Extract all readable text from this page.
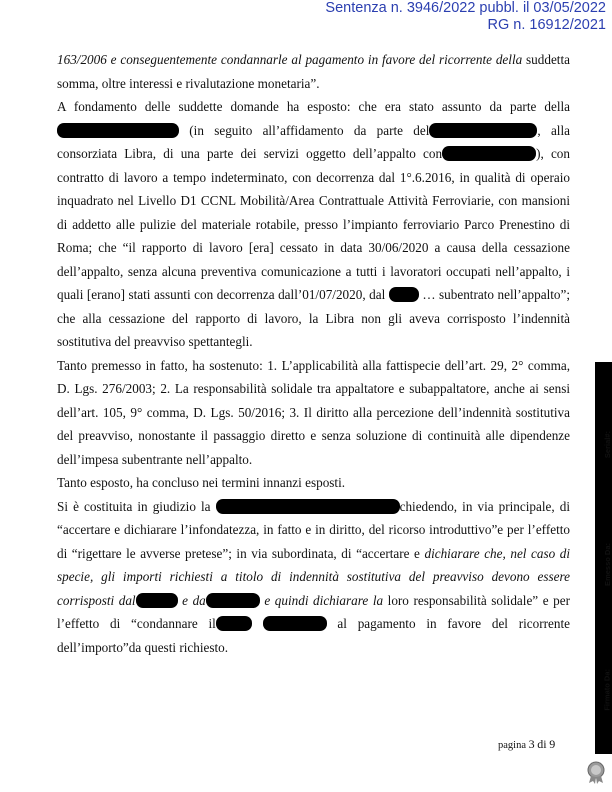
Sentenza n. 3946/2022 pubbl. il 03/05/2022
RG n. 16912/2021

163/2006 e conseguentemente condannarle al pagamento in favore del ricorrente della suddetta somma, oltre interessi e rivalutazione monetaria”.

A fondamento delle suddette domande ha esposto: che era stato assunto da parte della  (in seguito all’affidamento da parte del	, alla consorziata Libra, di una parte dei servizi oggetto dell’appalto con	), con contratto di lavoro a tempo indeterminato, con decorrenza dal 1°.6.2016, in qualità di operaio inquadrato nel Livello D1 CCNL Mobilità/Area Contrattuale Attività Ferroviarie, con mansioni di addetto alle pulizie del materiale rotabile, presso l’impianto ferroviario Parco Prenestino di Roma; che “il rapporto di lavoro [era] cessato in data 30/06/2020 a causa della cessazione dell’appalto, senza alcuna preventiva comunicazione a tutti i lavoratori occupati nell’appalto, i quali [erano] stati assunti con decorrenza dall’01/07/2020, dal	… subentrato nell’appalto”; che alla cessazione del rapporto di lavoro, la Libra non gli aveva corrisposto l’indennità sostitutiva del preavviso spettantegli.

Tanto premesso in fatto, ha sostenuto: 1. L’applicabilità alla fattispecie dell’art. 29, 2° comma, D. Lgs. 276/2003; 2. La responsabilità solidale tra appaltatore e subappaltatore, anche ai sensi dell’art. 105, 9° comma, D. Lgs. 50/2016; 3. Il diritto alla percezione dell’indennità sostitutiva del preavviso, nonostante il passaggio diretto e senza soluzione di continuità alle dipendenze dell’impesa subentrante nell’appalto.

Tanto esposto, ha concluso nei termini innanzi esposti.

Si è costituita in giudizio la	chiedendo, in via principale, di “accertare e dichiarare l’infondatezza, in fatto e in diritto, del ricorso introduttivo”e per l’effetto di “rigettare le avverse pretese”; in via subordinata, di “accertare e dichiarare che, nel caso di specie, gli importi richiesti a titolo di indennità sostitutiva del preavviso devono essere corrisposti dal	e da	e quindi dichiarare la loro responsabilità solidale” e per l’effetto di “condannare il	al pagamento in favore del ricorrente dell’importo”da questi richiesto.

pagina 3 di 9
Firmato Da:
Emesso Da:
Serial#:
